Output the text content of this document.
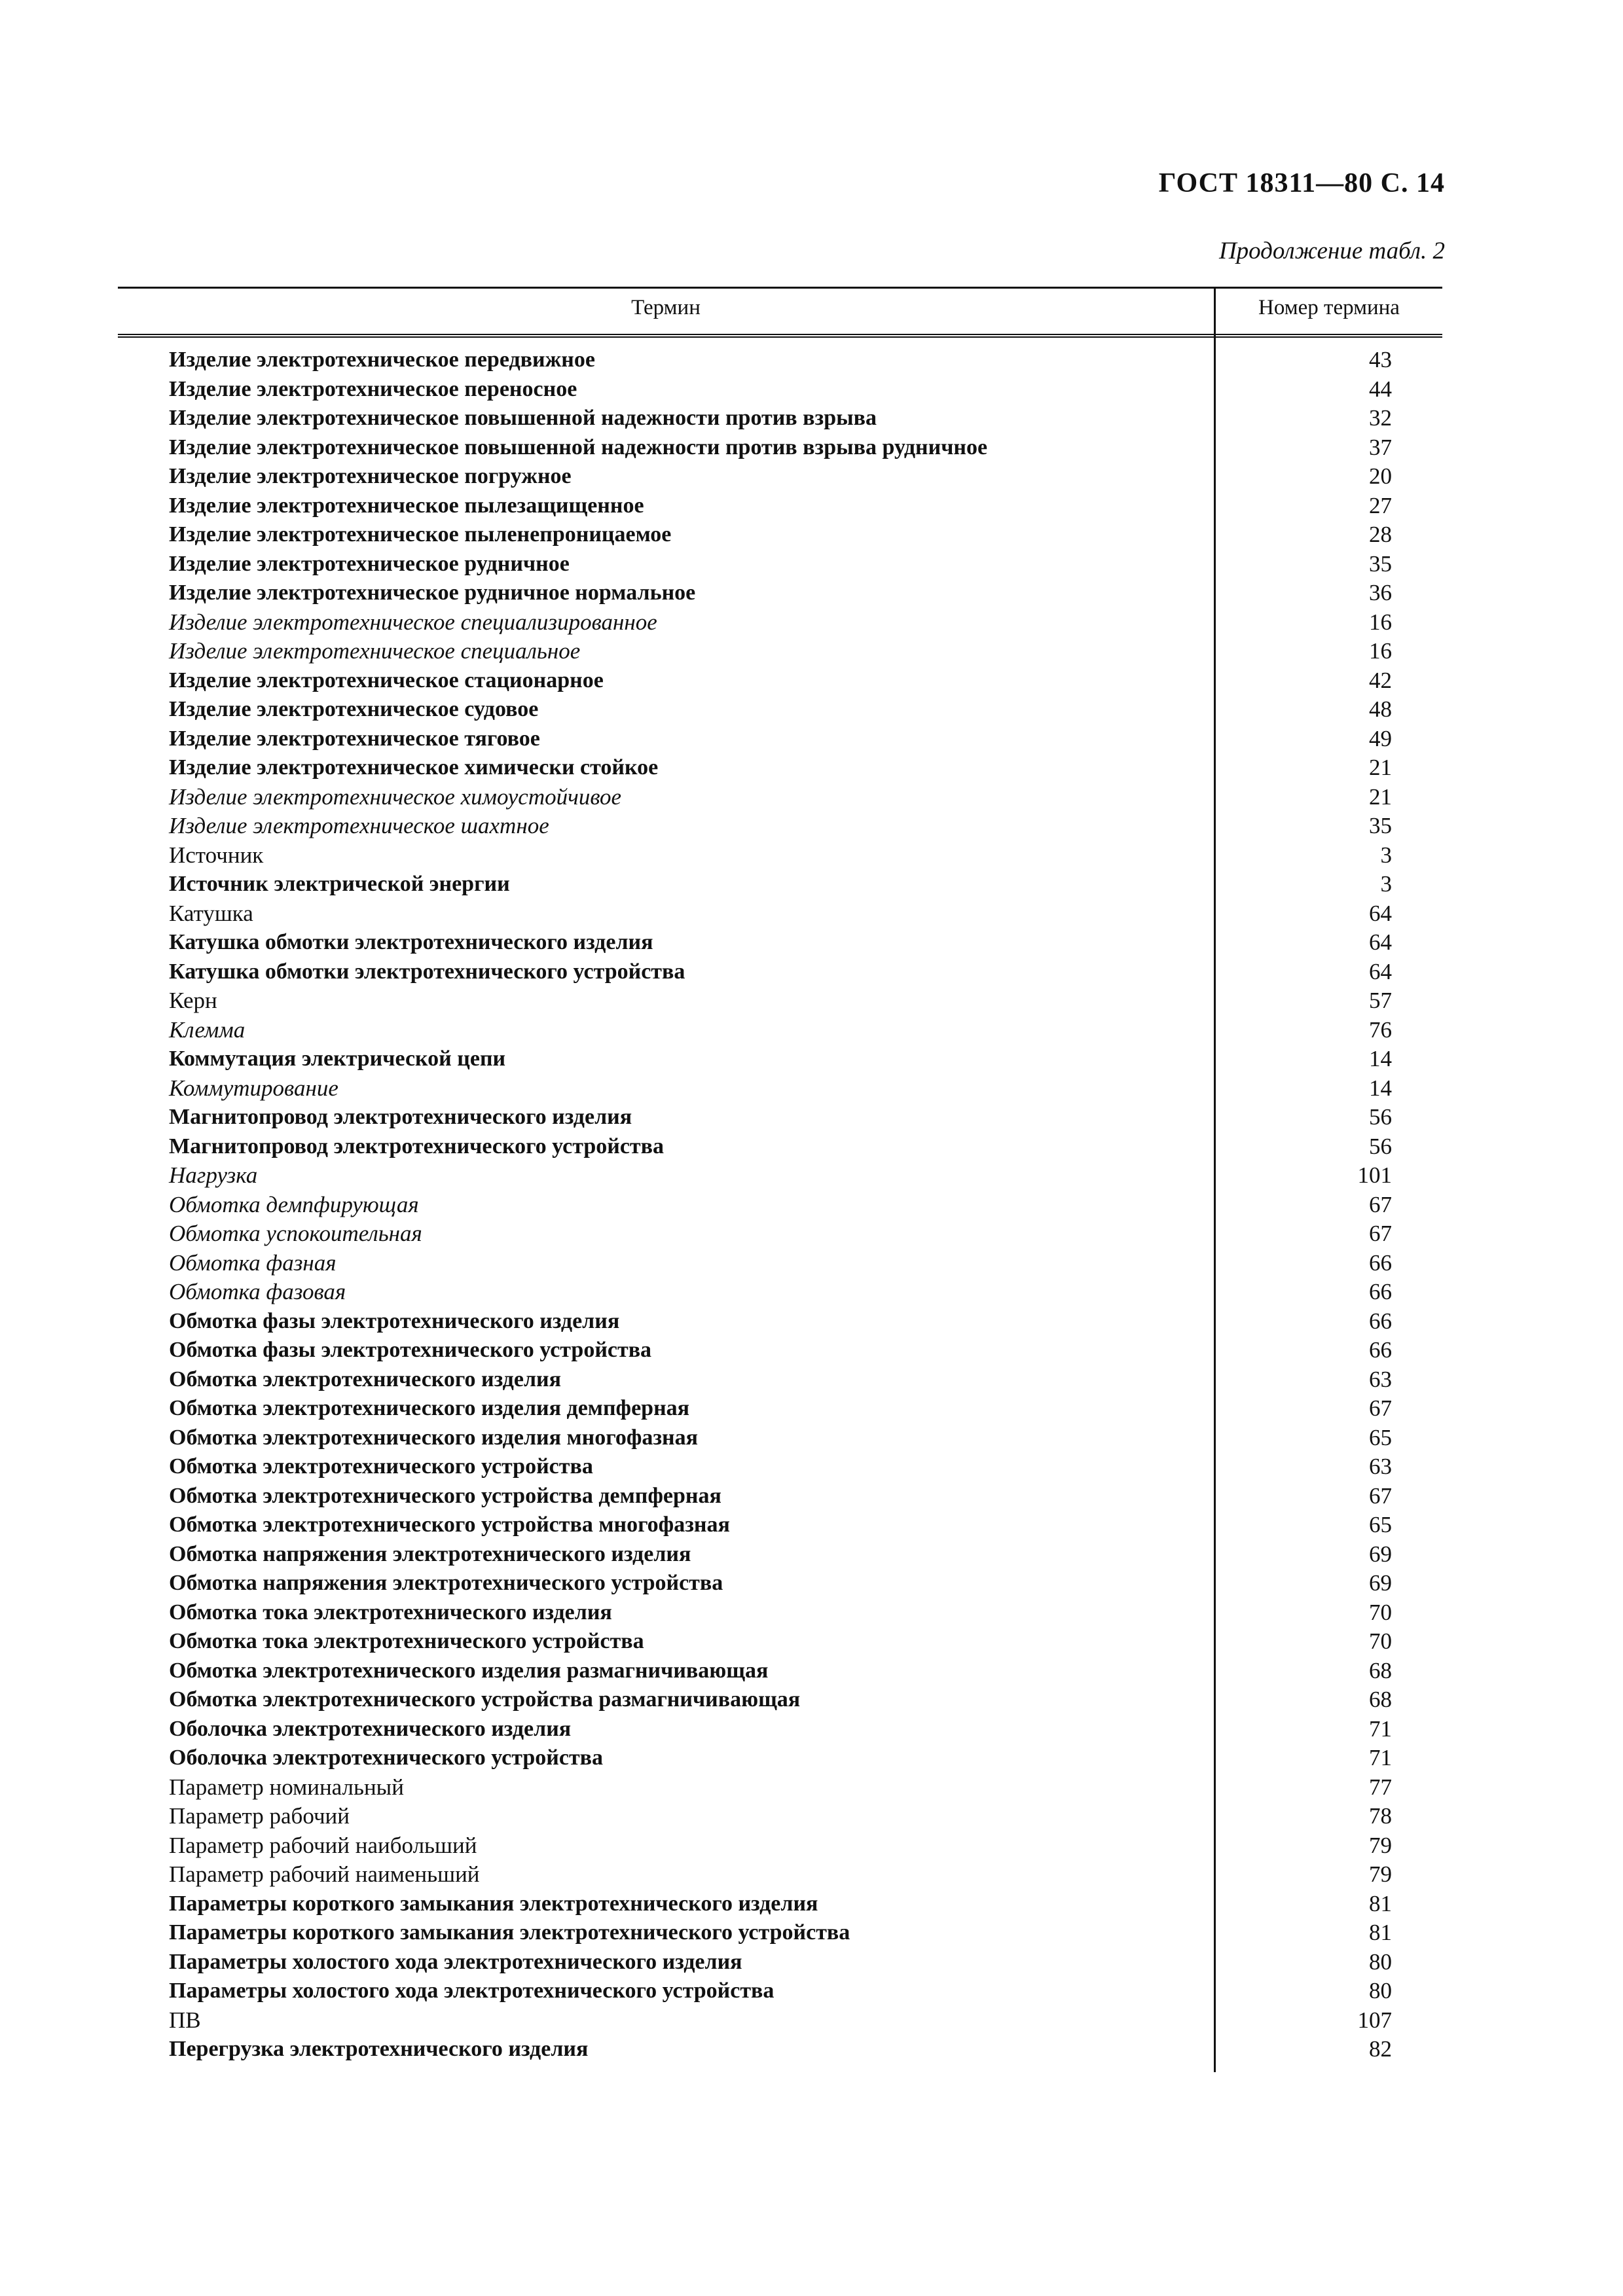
ГОСТ 18311—80 С. 14
Продолжение табл. 2
Термин	Номер термина
Изделие электротехническое передвижное	43
Изделие электротехническое переносное	44
Изделие электротехническое повышенной надежности против взрыва	32
Изделие электротехническое повышенной надежности против взрыва рудничное	37
Изделие электротехническое погружное	20
Изделие электротехническое пылезащищенное	27
Изделие электротехническое пыленепроницаемое	28
Изделие электротехническое рудничное	35
Изделие электротехническое рудничное нормальное	36
Изделие электротехническое специализированное	16
Изделие электротехническое специальное	16
Изделие электротехническое стационарное	42
Изделие электротехническое судовое	48
Изделие электротехническое тяговое	49
Изделие электротехническое химически стойкое	21
Изделие электротехническое химоустойчивое	21
Изделие электротехническое шахтное	35
Источник	3
Источник электрической энергии	3
Катушка	64
Катушка обмотки электротехнического изделия	64
Катушка обмотки электротехнического устройства	64
Керн	57
Клемма	76
Коммутация электрической цепи	14
Коммутирование	14
Магнитопровод электротехнического изделия	56
Магнитопровод электротехнического устройства	56
Нагрузка	101
Обмотка демпфирующая	67
Обмотка успокоительная	67
Обмотка фазная	66
Обмотка фазовая	66
Обмотка фазы электротехнического изделия	66
Обмотка фазы электротехнического устройства	66
Обмотка электротехнического изделия	63
Обмотка электротехнического изделия демпферная	67
Обмотка электротехнического изделия многофазная	65
Обмотка электротехнического устройства	63
Обмотка электротехнического устройства демпферная	67
Обмотка электротехнического устройства многофазная	65
Обмотка напряжения электротехнического изделия	69
Обмотка напряжения электротехнического устройства	69
Обмотка тока электротехнического изделия	70
Обмотка тока электротехнического устройства	70
Обмотка электротехнического изделия размагничивающая	68
Обмотка электротехнического устройства размагничивающая	68
Оболочка электротехнического изделия	71
Оболочка электротехнического устройства	71
Параметр номинальный	77
Параметр рабочий	78
Параметр рабочий наибольший	79
Параметр рабочий наименьший	79
Параметры короткого замыкания электротехнического изделия	81
Параметры короткого замыкания электротехнического устройства	81
Параметры холостого хода электротехнического изделия	80
Параметры холостого хода электротехнического устройства	80
ПВ	107
Перегрузка электротехнического изделия	82
